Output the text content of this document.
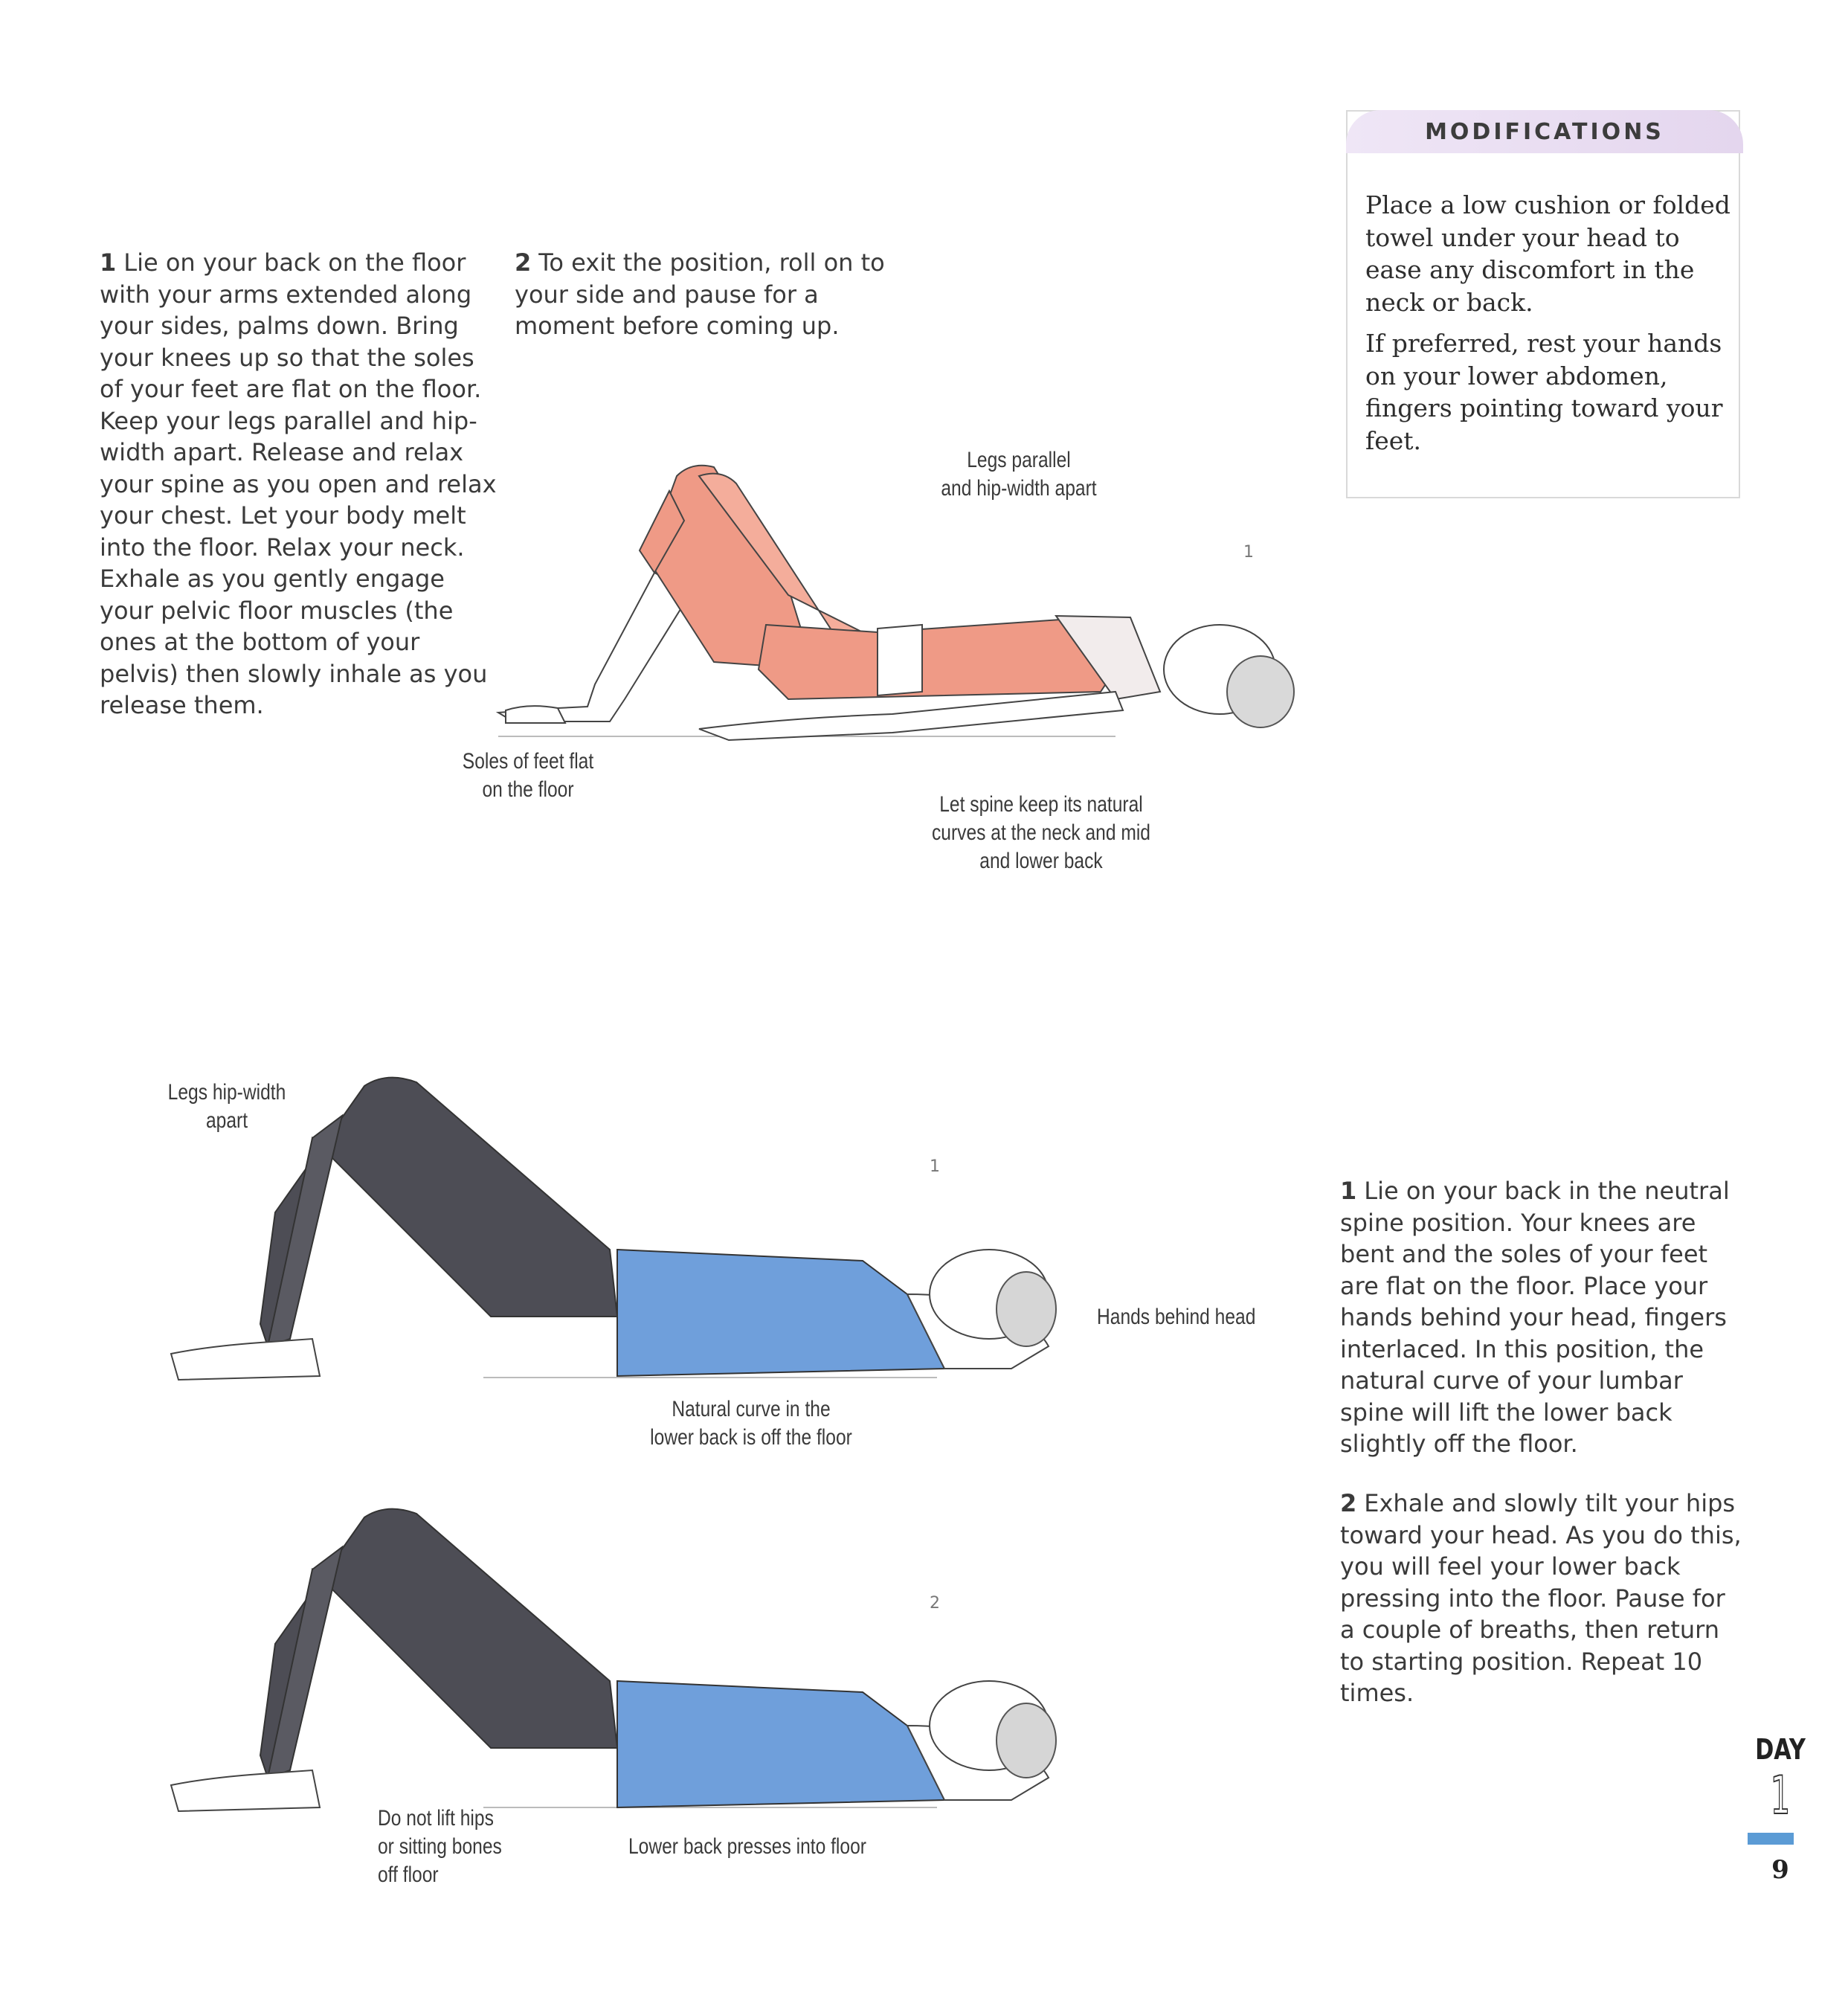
1 Lie on your back on the floor with your arms extended along your sides, palms down. Bring your knees up so that the soles of your feet are flat on the floor. Keep your legs parallel and hip-width apart. Release and relax your spine as you open and relax your chest. Let your body melt into the floor. Relax your neck. Exhale as you gently engage your pelvic floor muscles (the ones at the bottom of your pelvis) then slowly inhale as you release them.

2 To exit the position, roll on to your side and pause for a moment before coming up.

MODIFICATIONS

Place a low cushion or folded towel under your head to ease any discomfort in the neck or back.

If preferred, rest your hands on your lower abdomen, fingers pointing toward your feet.

1
Legs parallel
and hip-width apart
Soles of feet flat
on the floor
Let spine keep its natural
curves at the neck and mid
and lower back
1
2
Legs hip-width
apart
Hands behind head
Natural curve in the
lower back is off the floor
Do not lift hips
or sitting bones
off floor
Lower back presses into floor

1 Lie on your back in the neutral spine position. Your knees are bent and the soles of your feet are flat on the floor. Place your hands behind your head, fingers interlaced. In this position, the natural curve of your lumbar spine will lift the lower back slightly off the floor.

2 Exhale and slowly tilt your hips toward your head. As you do this, you will feel your lower back pressing into the floor. Pause for a couple of breaths, then return to starting position. Repeat 10 times.

DAY
1
9
